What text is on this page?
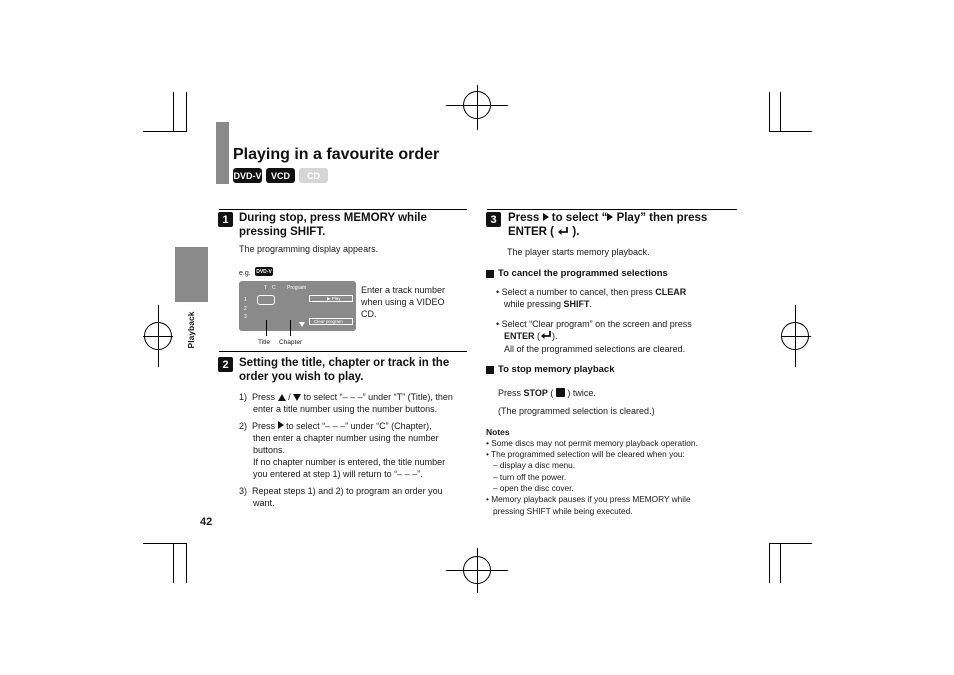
Playing in a favourite order
DVD-V	VCD	CD
Playback
42
1 During stop, press MEMORY while
pressing SHIFT.
The programming display appears.
e.g. DVD-V
T C Program
▶ Play
1
2
3
Clear program
Title Chapter
Enter a track number
when using a VIDEO
CD.
2 Setting the title, chapter or track in the
order you wish to play.
1) Press / to select “– – –” under “T” (Title), then
enter a title number using the number buttons.
2) Press to select “– – –” under “C” (Chapter),
then enter a chapter number using the number
buttons.
If no chapter number is entered, the title number
you entered at step 1) will return to “– – –”.
3) Repeat steps 1) and 2) to program an order you
want.
3 Press to select “ Play” then press
ENTER ( ).
The player starts memory playback.
To cancel the programmed selections
• Select a number to cancel, then press CLEAR
while pressing SHIFT.
• Select “Clear program” on the screen and press
ENTER ( ).
All of the programmed selections are cleared.
To stop memory playback
Press STOP ( ) twice.
(The programmed selection is cleared.)
Notes
• Some discs may not permit memory playback operation.
• The programmed selection will be cleared when you:
– display a disc menu.
– turn off the power.
– open the disc cover.
• Memory playback pauses if you press MEMORY while
pressing SHIFT while being executed.
